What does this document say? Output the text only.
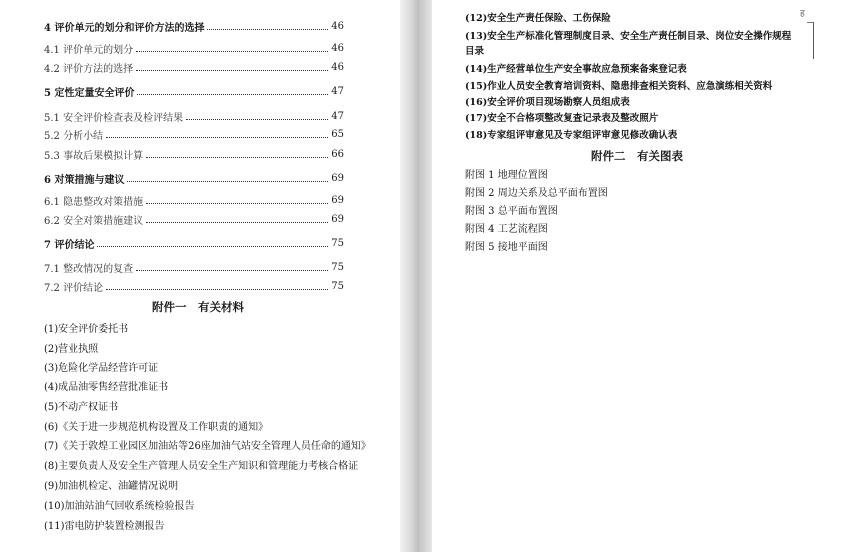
4 评价单元的划分和评价方法的选择	46
4.1 评价单元的划分	46
4.2 评价方法的选择	46
5 定性定量安全评价	47
5.1 安全评价检查表及检评结果	47
5.2 分析小结	65
5.3 事故后果模拟计算	66
6 对策措施与建议	69
6.1 隐患整改对策措施	69
6.2 安全对策措施建议	69
7 评价结论	75
7.1 整改情况的复查	75
7.2 评价结论	75
附件一　有关材料
(1)安全评价委托书
(2)营业执照
(3)危险化学品经营许可证
(4)成品油零售经营批准证书
(5)不动产权证书
(6)《关于进一步规范机构设置及工作职责的通知》
(7)《关于敦煌工业园区加油站等26座加油气站安全管理人员任命的通知》
(8)主要负责人及安全生产管理人员安全生产知识和管理能力考核合格证
(9)加油机检定、油罐情况说明
(10)加油站油气回收系统检验报告
(11)雷电防护装置检测报告
(12)安全生产责任保险、工伤保险
(13)安全生产标准化管理制度目录、安全生产责任制目录、岗位安全操作规程
目录
(14)生产经营单位生产安全事故应急预案备案登记表
(15)作业人员安全教育培训资料、隐患排查相关资料、应急演练相关资料
(16)安全评价项目现场勘察人员组成表
(17)安全不合格项整改复查记录表及整改照片
(18)专家组评审意见及专家组评审意见修改确认表
附件二　有关图表
附图 1 地理位置图
附图 2 周边关系及总平面布置图
附图 3 总平面布置图
附图 4 工艺流程图
附图 5 接地平面图
ह
